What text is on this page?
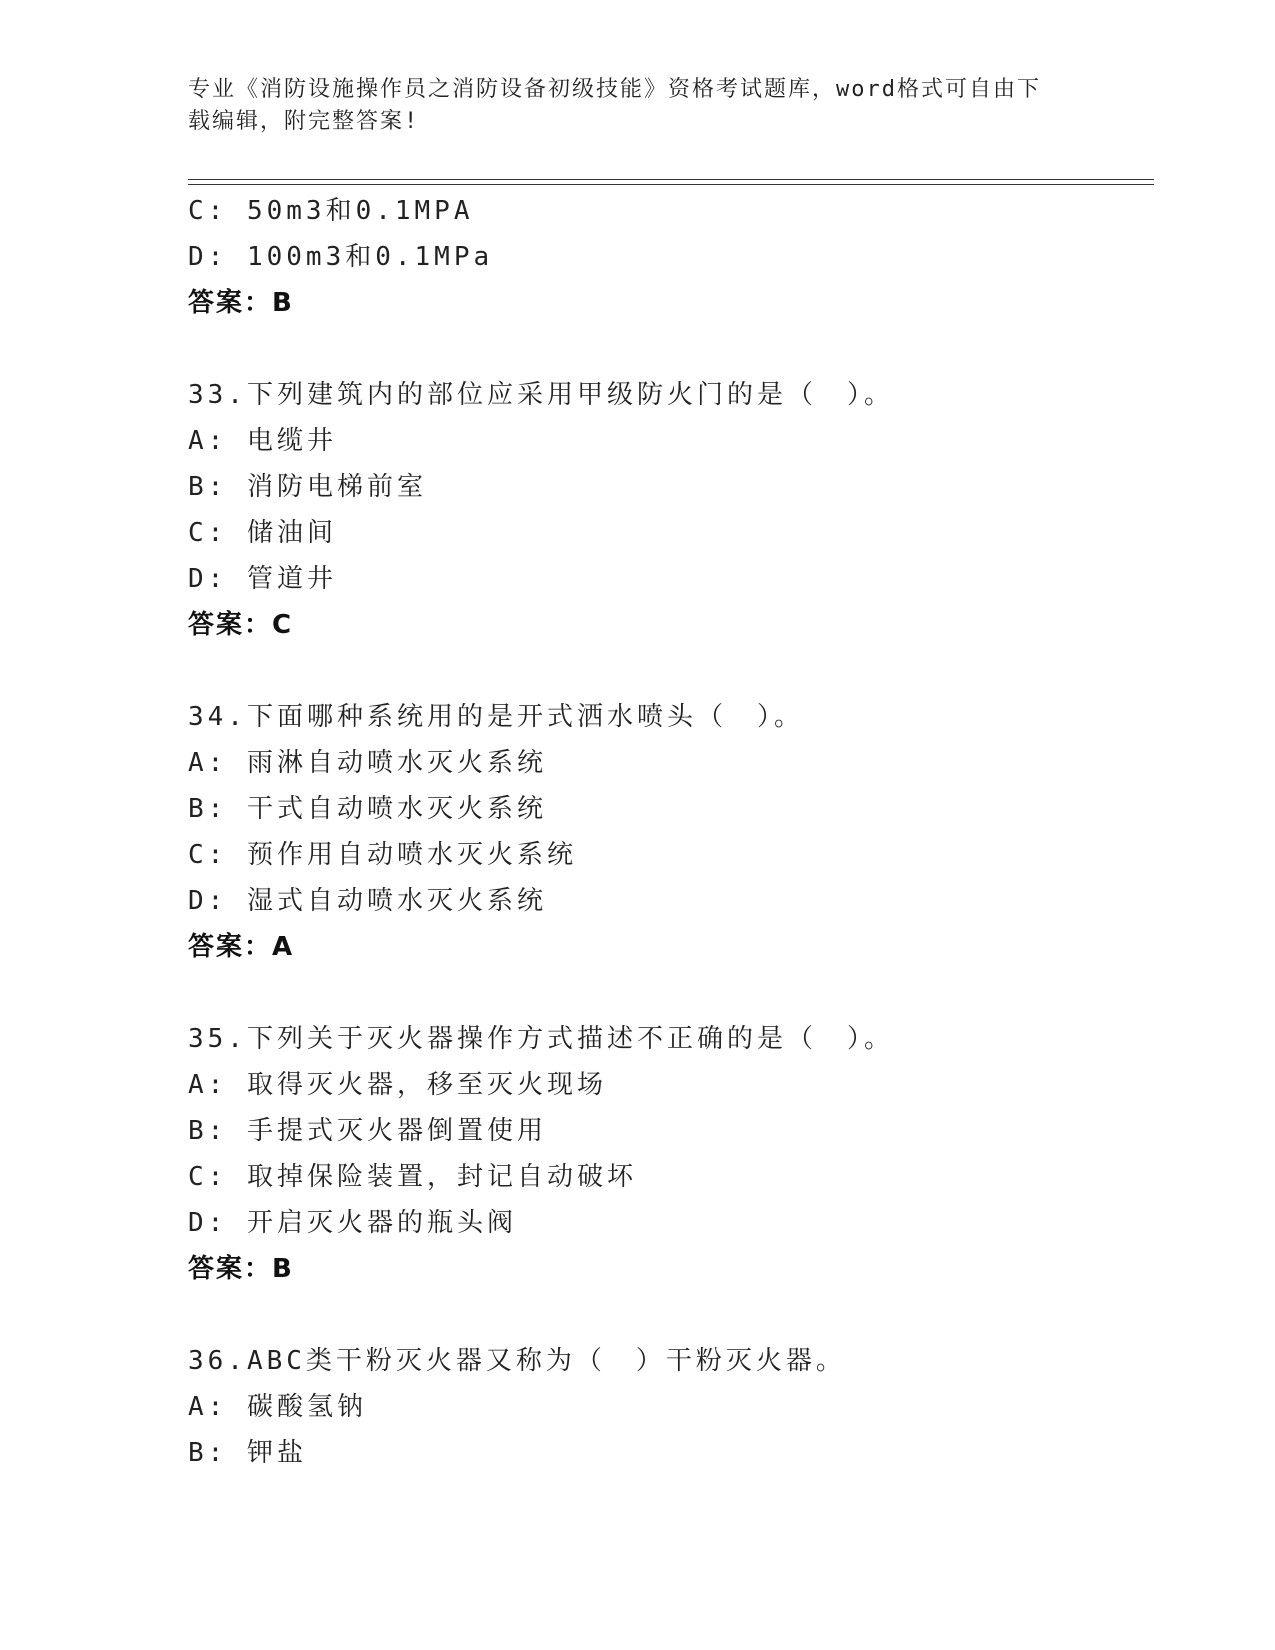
专业《消防设施操作员之消防设备初级技能》资格考试题库，word格式可自由下
载编辑，附完整答案!
C: 50m3和0.1MPA
D: 100m3和0.1MPa
答案：B
33.下列建筑内的部位应采用甲级防火门的是（　）。
A: 电缆井
B: 消防电梯前室
C: 储油间
D: 管道井
答案：C
34.下面哪种系统用的是开式洒水喷头（　）。
A: 雨淋自动喷水灭火系统
B: 干式自动喷水灭火系统
C: 预作用自动喷水灭火系统
D: 湿式自动喷水灭火系统
答案：A
35.下列关于灭火器操作方式描述不正确的是（　）。
A: 取得灭火器，移至灭火现场
B: 手提式灭火器倒置使用
C: 取掉保险装置，封记自动破坏
D: 开启灭火器的瓶头阀
答案：B
36.ABC类干粉灭火器又称为（　）干粉灭火器。
A: 碳酸氢钠
B: 钾盐
